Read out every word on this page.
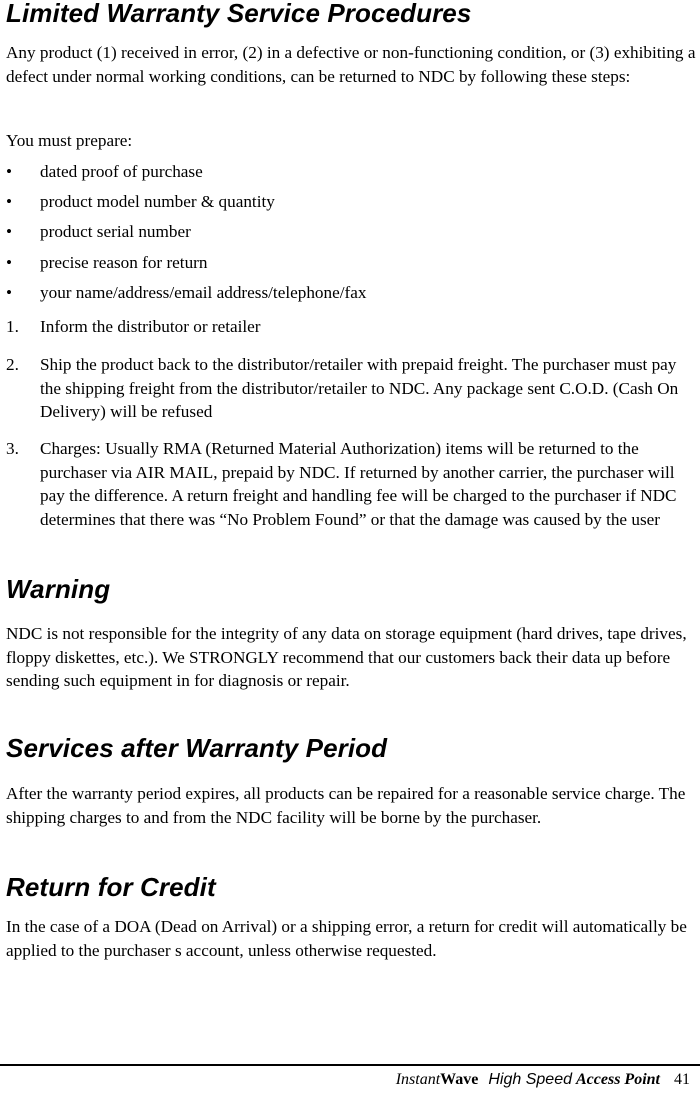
Limited Warranty Service Procedures

Any product (1) received in error, (2) in a defective or non-functioning condition, or (3) exhibiting a defect under normal working conditions, can be returned to NDC by following these steps:

You must prepare:

• dated proof of purchase
• product model number & quantity
• product serial number
• precise reason for return
• your name/address/email address/telephone/fax
1. Inform the distributor or retailer
2. Ship the product back to the distributor/retailer with prepaid freight. The purchaser must pay the shipping freight from the distributor/retailer to NDC. Any package sent C.O.D. (Cash On Delivery) will be refused
3. Charges: Usually RMA (Returned Material Authorization) items will be returned to the purchaser via AIR MAIL, prepaid by NDC. If returned by another carrier, the purchaser will pay the difference. A return freight and handling fee will be charged to the purchaser if NDC determines that there was “No Problem Found” or that the damage was caused by the user
Warning

NDC is not responsible for the integrity of any data on storage equipment (hard drives, tape drives, floppy diskettes, etc.). We STRONGLY recommend that our customers back their data up before sending such equipment in for diagnosis or repair.

Services after Warranty Period

After the warranty period expires, all products can be repaired for a reasonable service charge. The shipping charges to and from the NDC facility will be borne by the purchaser.

Return for Credit

In the case of a DOA (Dead on Arrival) or a shipping error, a return for credit will automatically be applied to the purchaser s account, unless otherwise requested.

InstantWave High Speed Access Point 41
